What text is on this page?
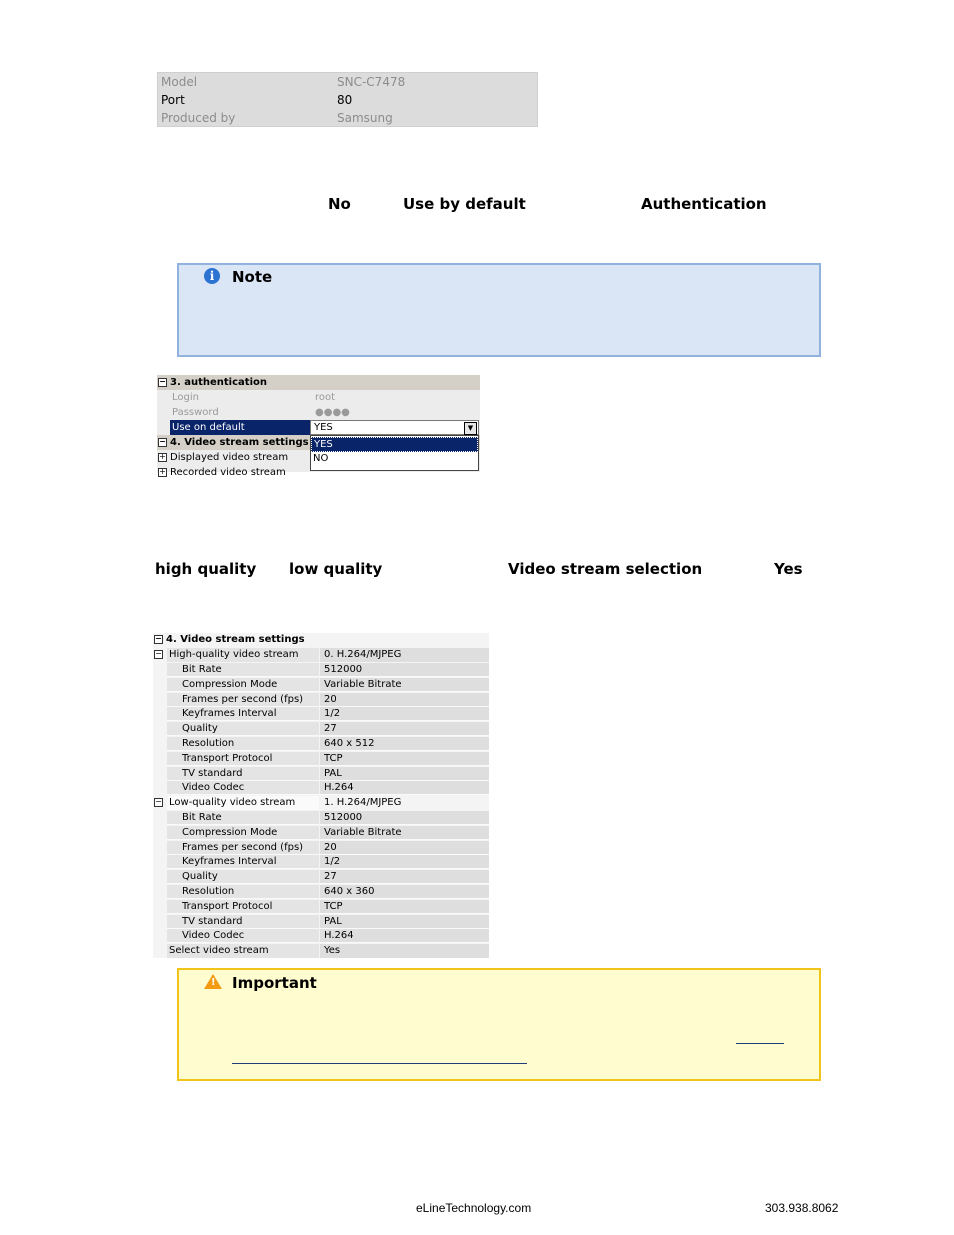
Model	SNC-C7478
Port	80
Produced by	Samsung
No	Use by default	Authentication
i	Note
− 3. authentication
Login	root
Password	●●●●
Use on default	YES	▼
− 4. Video stream settings
+ Displayed video stream
+ Recorded video stream
YES
NO
high quality low quality	Video stream selection	Yes
− 4. Video stream settings
− High-quality video stream	0. H.264/MJPEG
Bit Rate	512000
Compression Mode	Variable Bitrate
Frames per second (fps)	20
Keyframes Interval	1/2
Quality	27
Resolution	640 x 512
Transport Protocol	TCP
TV standard	PAL
Video Codec	H.264
− Low-quality video stream	1. H.264/MJPEG
Bit Rate	512000
Compression Mode	Variable Bitrate
Frames per second (fps)	20
Keyframes Interval	1/2
Quality	27
Resolution	640 x 360
Transport Protocol	TCP
TV standard	PAL
Video Codec	H.264
Select video stream	Yes
! Important
eLineTechnology.com	303.938.8062
